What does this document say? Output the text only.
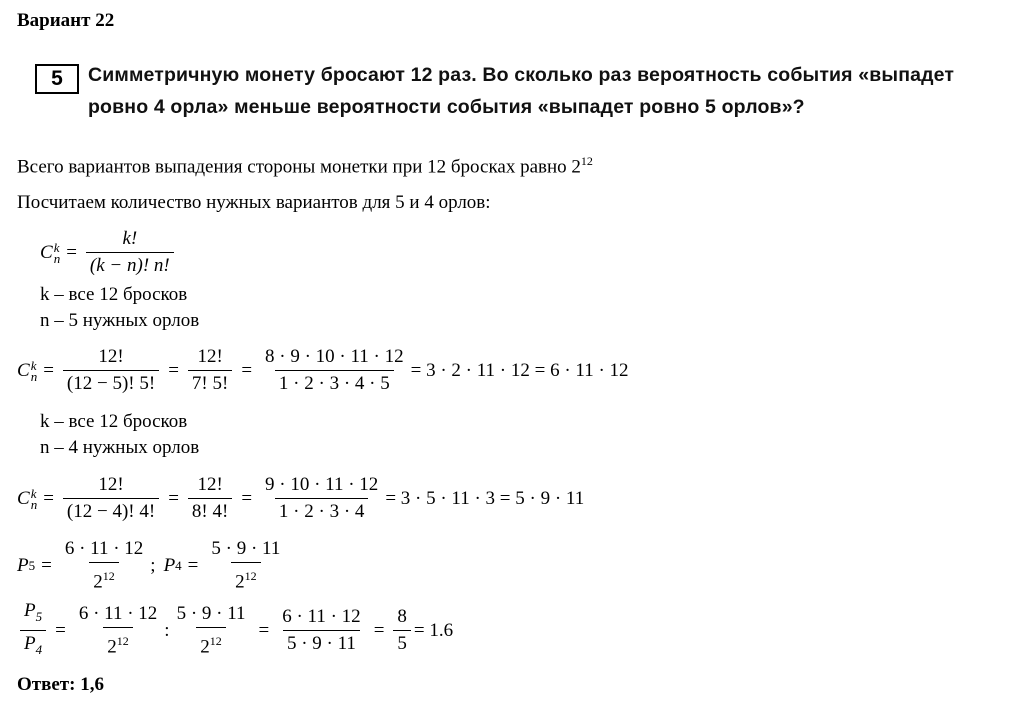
Вариант 22
5	Симметричную монету бросают 12 раз. Во сколько раз вероятность события «выпадет
ровно 4 орла» меньше вероятности события «выпадет ровно 5 орлов»?
Всего вариантов выпадения стороны монетки при 12 бросках равно $2^{12}$
Посчитаем количество нужных вариантов для 5 и 4 орлов:
C k
$n = \frac{k!}{(k - n)! n!}$
k – все 12 бросков
n – 5 нужных орлов
C k
$n = \frac{12!}{(12 - 5)! 5!} = \frac{12!}{7! 5!} = \frac{8 \cdot 9 \cdot 10 \cdot 11 \cdot 12}{1 \cdot 2 \cdot 3 \cdot 4 \cdot 5} = 3 \cdot 2 \cdot 11 \cdot 12 = 6 \cdot 11 \cdot 12$
k – все 12 бросков
n – 4 нужных орлов
C k
$n = \frac{12!}{(12 - 4)! 4!} = \frac{12!}{8! 4!} = \frac{9 \cdot 10 \cdot 11 \cdot 12}{1 \cdot 2 \cdot 3 \cdot 4} = 3 \cdot 5 \cdot 11 \cdot 3 = 5 \cdot 9 \cdot 11$
P $5 = \frac{6 \cdot 11 \cdot 12}{2^{12}}$ ; P $4 = \frac{5 \cdot 9 \cdot 11}{2^{12}}$
$\frac{P_5}{P_4} = \frac{6 \cdot 11 \cdot 12}{2^{12}}$ : $\frac{5 \cdot 9 \cdot 11}{2^{12}} = \frac{6 \cdot 11 \cdot 12}{5 \cdot 9 \cdot 11} = \frac{8}{5} = 1.6$
Ответ: 1,6
